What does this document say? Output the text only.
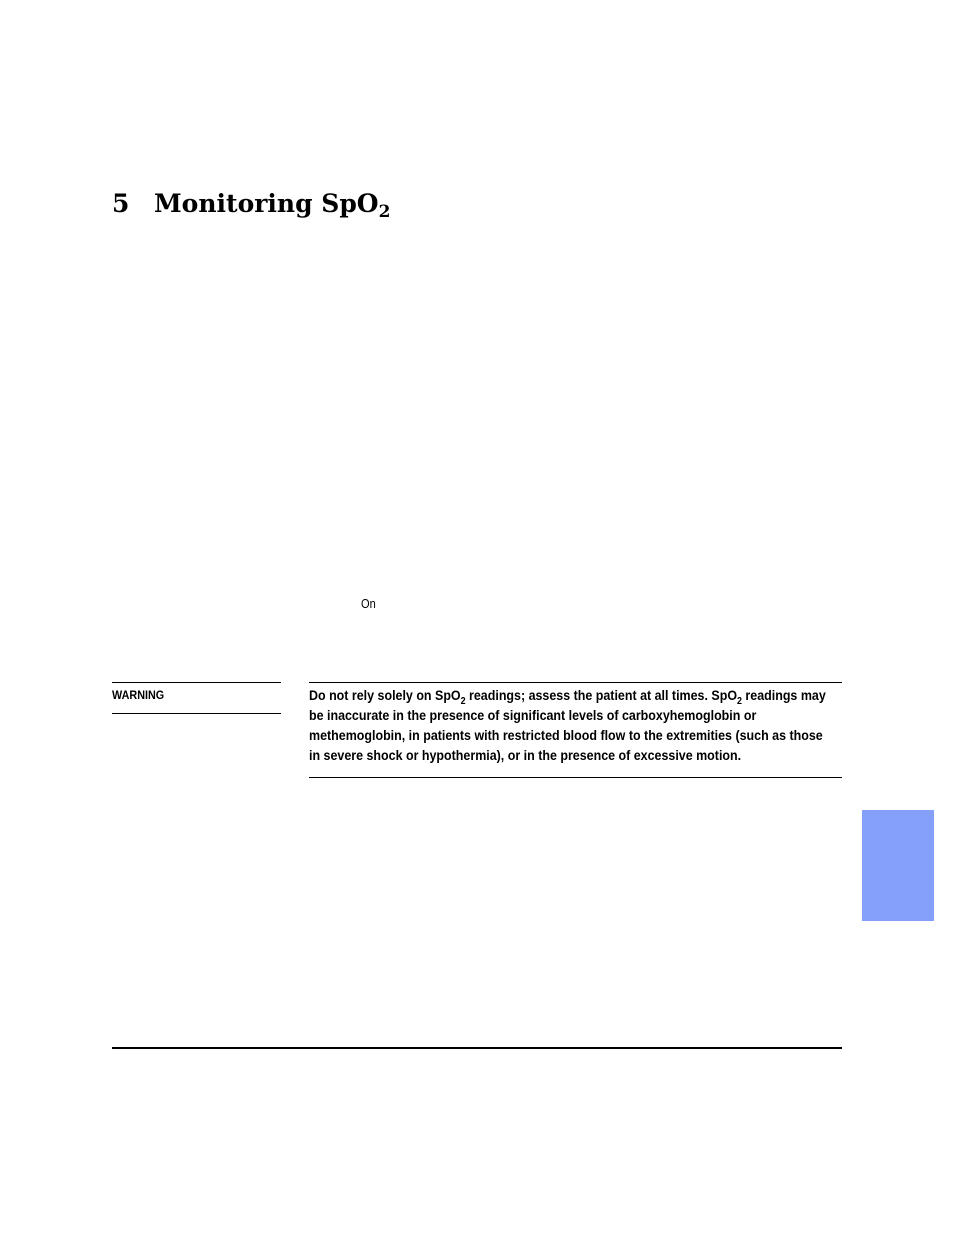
5 Monitoring SpO$_2$
On
WARNING	Do not rely solely on SpO$_2$ readings; assess the patient at all times. SpO$_2$ readings may be inaccurate in the presence of significant levels of carboxyhemoglobin or methemoglobin, in patients with restricted blood flow to the extremities (such as those in severe shock or hypothermia), or in the presence of excessive motion.
